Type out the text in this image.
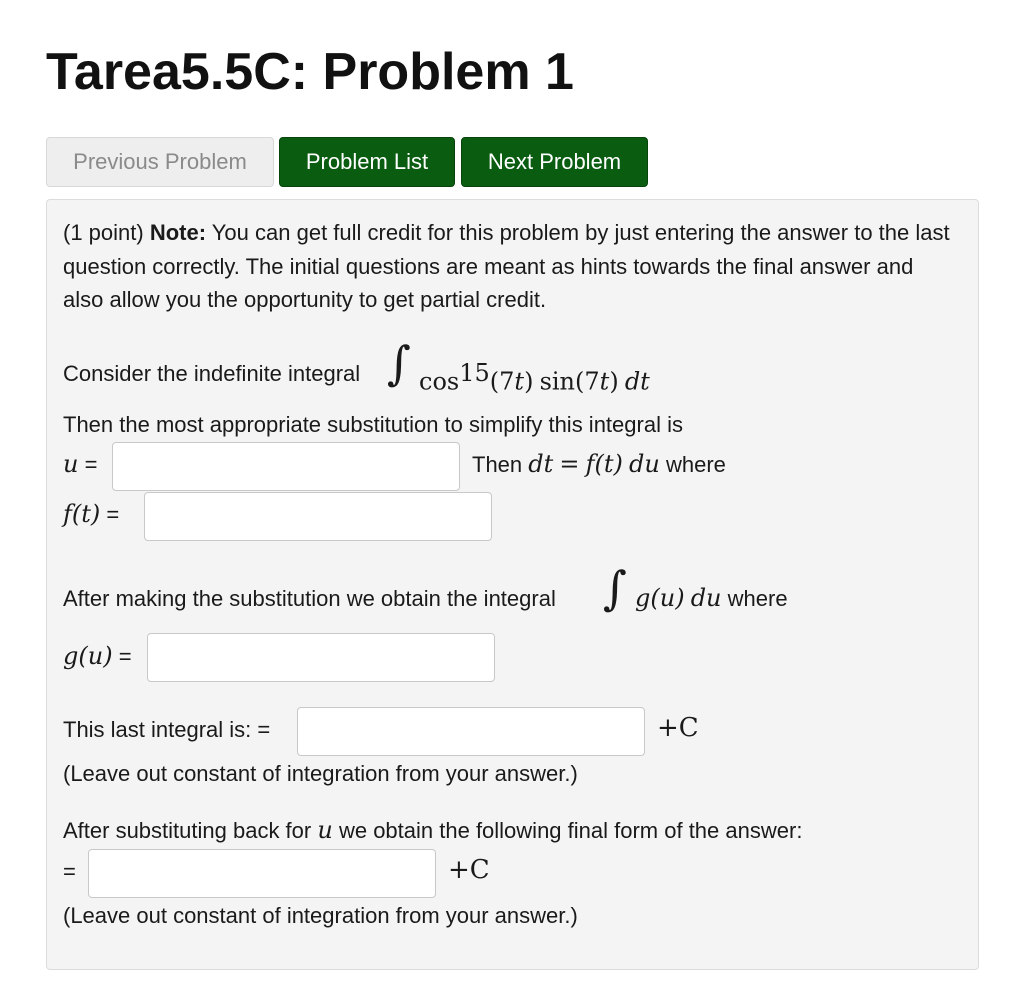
Tarea5.5C: Problem 1
Previous Problem	Problem List	Next Problem

(1 point) Note: You can get full credit for this problem by just entering the answer to the last question correctly. The initial questions are meant as hints towards the final answer and also allow you the opportunity to get partial credit.

Consider the indefinite integral ∫ $\cos^{15}(7t)$ sin(7t) dt
Then the most appropriate substitution to simplify this integral is
u =	Then dt = f(t) du where
f(t) =
After making the substitution we obtain the integral ∫ g(u) du where
g(u) =
This last integral is: =	+C
(Leave out constant of integration from your answer.)
After substituting back for u we obtain the following final form of the answer:
=	+C
(Leave out constant of integration from your answer.)
